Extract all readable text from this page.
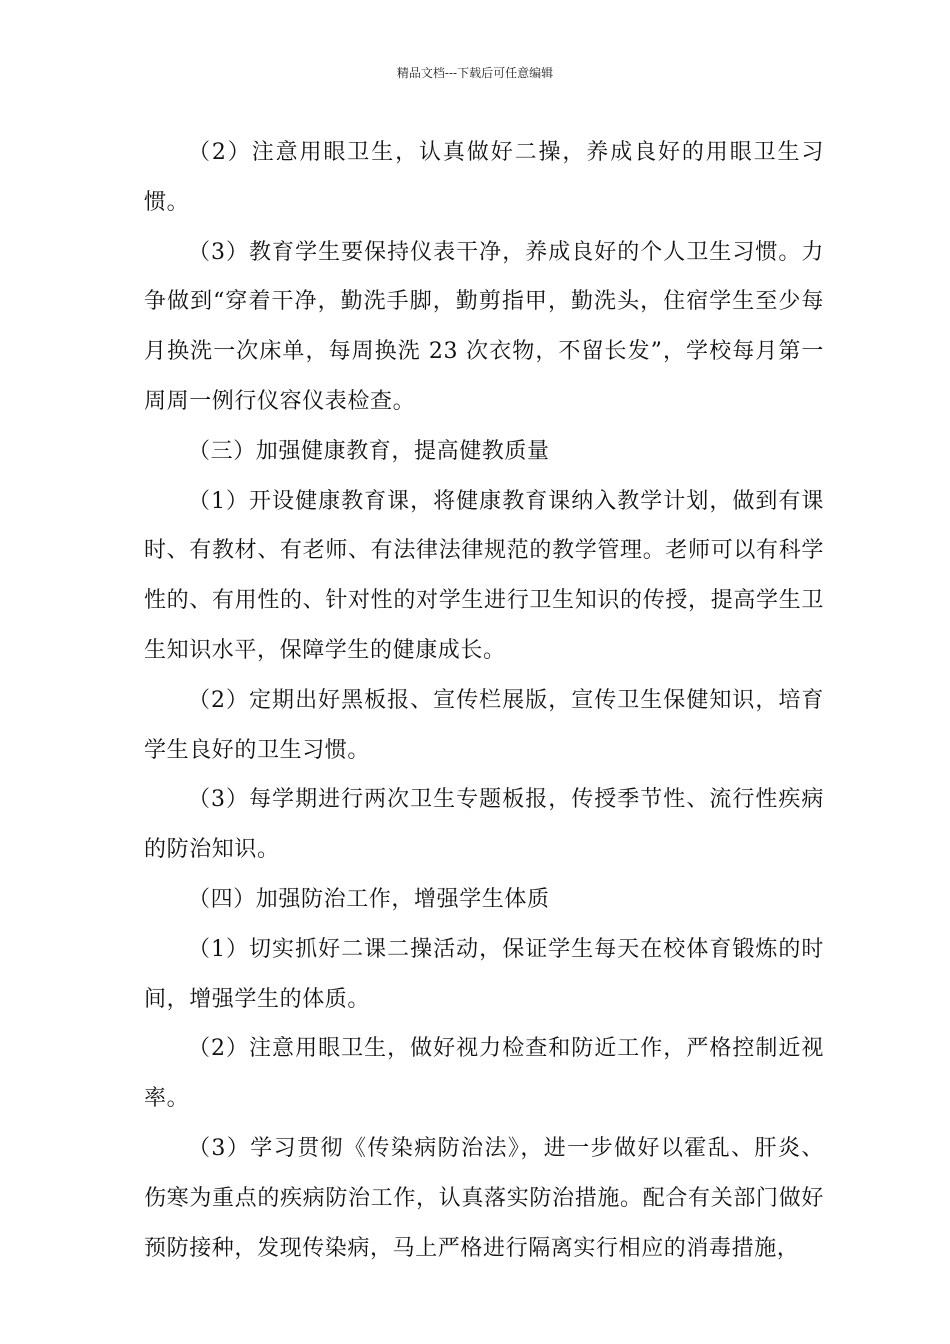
精品文档---下载后可任意编辑

（2）注意用眼卫生，认真做好二操，养成良好的用眼卫生习惯。

（3）教育学生要保持仪表干净，养成良好的个人卫生习惯。力争做到“穿着干净，勤洗手脚，勤剪指甲，勤洗头，住宿学生至少每月换洗一次床单，每周换洗 23 次衣物，不留长发”，学校每月第一周周一例行仪容仪表检查。

（三）加强健康教育，提高健教质量

（1）开设健康教育课，将健康教育课纳入教学计划，做到有课时、有教材、有老师、有法律法律规范的教学管理。老师可以有科学性的、有用性的、针对性的对学生进行卫生知识的传授，提高学生卫生知识水平，保障学生的健康成长。

（2）定期出好黑板报、宣传栏展版，宣传卫生保健知识，培育学生良好的卫生习惯。

（3）每学期进行两次卫生专题板报，传授季节性、流行性疾病的防治知识。

（四）加强防治工作，增强学生体质

（1）切实抓好二课二操活动，保证学生每天在校体育锻炼的时间，增强学生的体质。

（2）注意用眼卫生，做好视力检查和防近工作，严格控制近视率。

（3）学习贯彻《传染病防治法》，进一步做好以霍乱、肝炎、伤寒为重点的疾病防治工作，认真落实防治措施。配合有关部门做好预防接种，发现传染病，马上严格进行隔离实行相应的消毒措施，
